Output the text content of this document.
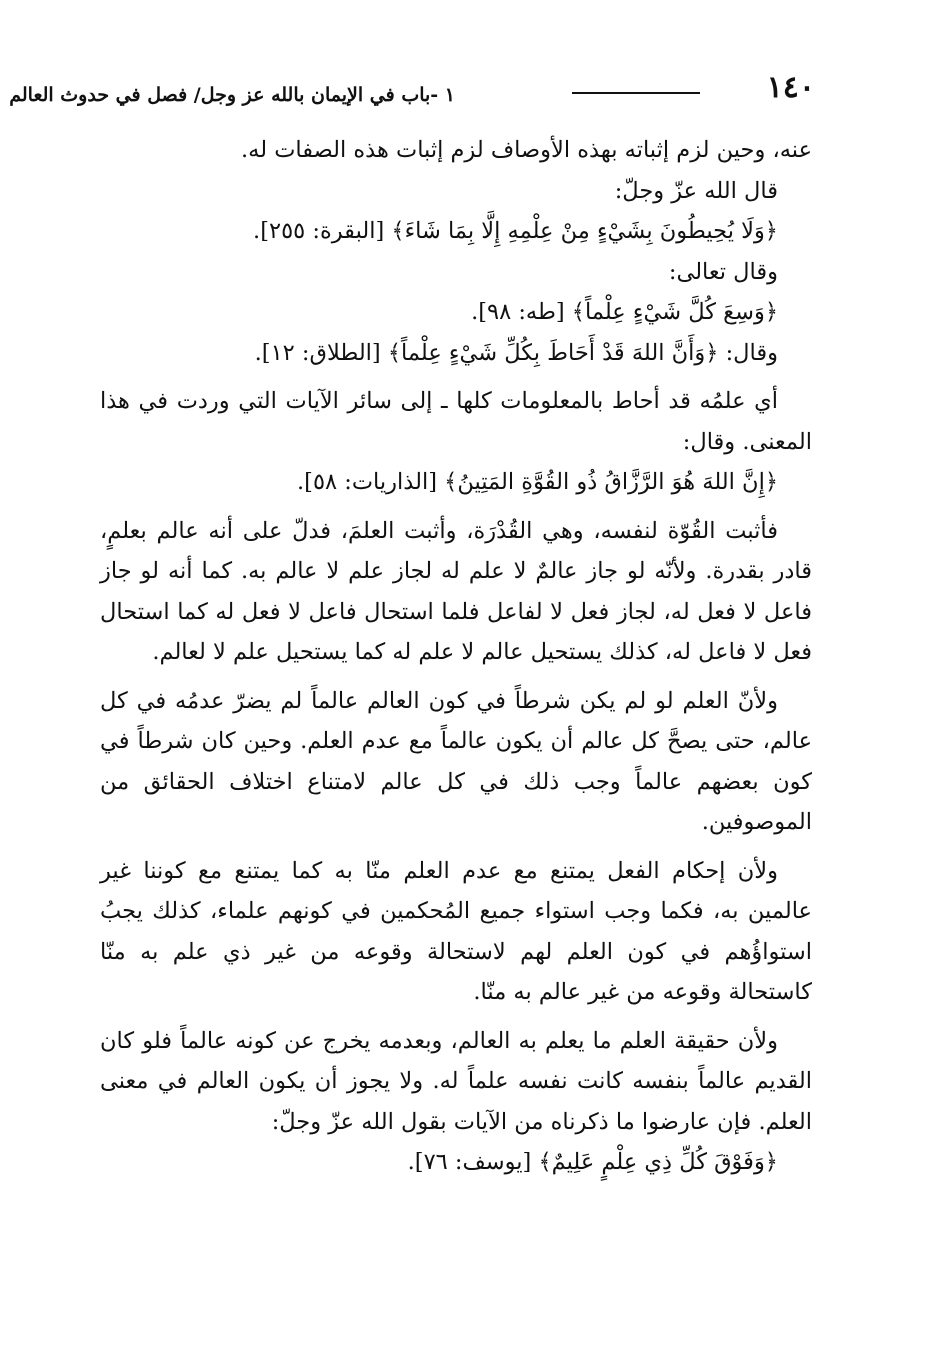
١٤٠
١ -باب في الإيمان بالله عز وجل/ فصل في حدوث العالم

عنه، وحين لزم إثباته بهذه الأوصاف لزم إثبات هذه الصفات له.

قال الله عزّ وجلّ:

﴿وَلَا يُحِيطُونَ بِشَيْءٍ مِنْ عِلْمِهِ إِلَّا بِمَا شَاءَ﴾ [البقرة: ٢٥٥].

وقال تعالى:

﴿وَسِعَ كُلَّ شَيْءٍ عِلْماً﴾ [طه: ٩٨].

وقال: ﴿وَأَنَّ اللهَ قَدْ أَحَاطَ بِكُلِّ شَيْءٍ عِلْماً﴾ [الطلاق: ١٢].

أي علمُه قد أحاط بالمعلومات كلها ـ إلى سائر الآيات التي وردت في هذا المعنى. وقال:

﴿إِنَّ اللهَ هُوَ الرَّزَّاقُ ذُو القُوَّةِ المَتِينُ﴾ [الذاريات: ٥٨].

فأثبت القُوّة لنفسه، وهي القُدْرَة، وأثبت العلمَ، فدلّ على أنه عالم بعلمٍ، قادر بقدرة. ولأنّه لو جاز عالمٌ لا علم له لجاز علم لا عالم به. كما أنه لو جاز فاعل لا فعل له، لجاز فعل لا لفاعل فلما استحال فاعل لا فعل له كما استحال فعل لا فاعل له، كذلك يستحيل عالم لا علم له كما يستحيل علم لا لعالم.

ولأنّ العلم لو لم يكن شرطاً في كون العالم عالماً لم يضرّ عدمُه في كل عالم، حتى يصحَّ كل عالم أن يكون عالماً مع عدم العلم. وحين كان شرطاً في كون بعضهم عالماً وجب ذلك في كل عالم لامتناع اختلاف الحقائق من الموصوفين.

ولأن إحكام الفعل يمتنع مع عدم العلم منّا به كما يمتنع مع كوننا غير عالمين به، فكما وجب استواء جميع المُحكمين في كونهم علماء، كذلك يجبُ استواؤُهم في كون العلم لهم لاستحالة وقوعه من غير ذي علم به منّا كاستحالة وقوعه من غير عالم به منّا.

ولأن حقيقة العلم ما يعلم به العالم، وبعدمه يخرج عن كونه عالماً فلو كان القديم عالماً بنفسه كانت نفسه علماً له. ولا يجوز أن يكون العالم في معنى العلم. فإن عارضوا ما ذكرناه من الآيات بقول الله عزّ وجلّ:

﴿وَفَوْقَ كُلِّ ذِي عِلْمٍ عَلِيمٌ﴾ [يوسف: ٧٦].
